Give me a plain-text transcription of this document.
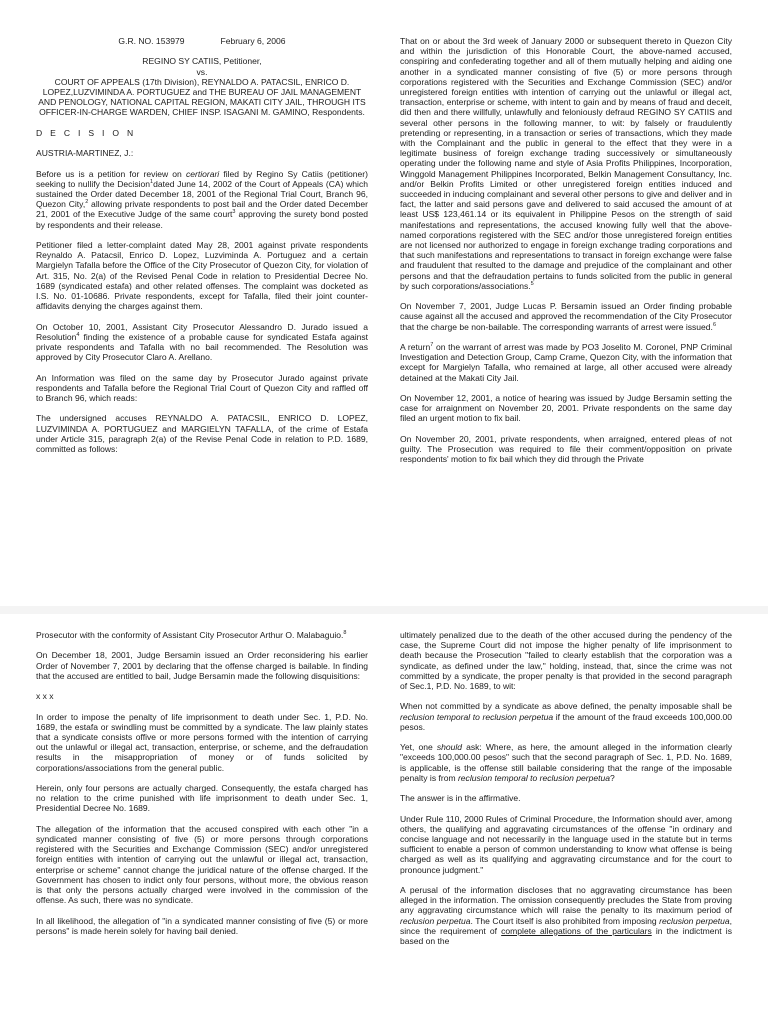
G.R. NO. 153979	February 6, 2006

REGINO SY CATIIS, Petitioner,

vs.

COURT OF APPEALS (17th Division), REYNALDO A. PATACSIL, ENRICO D. LOPEZ,LUZVIMINDA A. PORTUGUEZ and THE BUREAU OF JAIL MANAGEMENT AND PENOLOGY, NATIONAL CAPITAL REGION, MAKATI CITY JAIL, THROUGH ITS OFFICER-IN-CHARGE WARDEN, CHIEF INSP. ISAGANI M. GAMINO, Respondents.

D E C I S I O N

AUSTRIA-MARTINEZ, J.:

Before us is a petition for review on certiorari filed by Regino Sy Catiis (petitioner) seeking to nullify the Decision$^1$dated June 14, 2002 of the Court of Appeals (CA) which sustained the Order dated December 18, 2001 of the Regional Trial Court, Branch 96, Quezon City,$^2$ allowing private respondents to post bail and the Order dated December 21, 2001 of the Executive Judge of the same court$^3$ approving the surety bond posted by respondents and their release.

Petitioner filed a letter-complaint dated May 28, 2001 against private respondents Reynaldo A. Patacsil, Enrico D. Lopez, Luzviminda A. Portuguez and a certain Margielyn Tafalla before the Office of the City Prosecutor of Quezon City, for violation of Art. 315, No. 2(a) of the Revised Penal Code in relation to Presidential Decree No. 1689 (syndicated estafa) and other related offenses. The complaint was docketed as I.S. No. 01-10686. Private respondents, except for Tafalla, filed their joint counter-affidavits denying the charges against them.

On October 10, 2001, Assistant City Prosecutor Alessandro D. Jurado issued a Resolution$^4$ finding the existence of a probable cause for syndicated Estafa against private respondents and Tafalla with no bail recommended. The Resolution was approved by City Prosecutor Claro A. Arellano.

An Information was filed on the same day by Prosecutor Jurado against private respondents and Tafalla before the Regional Trial Court of Quezon City and raffled off to Branch 96, which reads:

The undersigned accuses REYNALDO A. PATACSIL, ENRICO D. LOPEZ, LUZVIMINDA A. PORTUGUEZ and MARGIELYN TAFALLA, of the crime of Estafa under Article 315, paragraph 2(a) of the Revise Penal Code in relation to P.D. 1689, committed as follows:

That on or about the 3rd week of January 2000 or subsequent thereto in Quezon City and within the jurisdiction of this Honorable Court, the above-named accused, conspiring and confederating together and all of them mutually helping and aiding one another in a syndicated manner consisting of five (5) or more persons through corporations registered with the Securities and Exchange Commission (SEC) and/or unregistered foreign entities with intention of carrying out the unlawful or illegal act, transaction, enterprise or scheme, with intent to gain and by means of fraud and deceit, did then and there willfully, unlawfully and feloniously defraud REGINO SY CATIIS and several other persons in the following manner, to wit: by falsely or fraudulently pretending or representing, in a transaction or series of transactions, which they made with the Complainant and the public in general to the effect that they were in a legitimate business of foreign exchange trading successively or simultaneously operating under the following name and style of Asia Profits Philippines, Incorporation, Winggold Management Philippines Incorporated, Belkin Management Consultancy, Inc. and/or Belkin Profits Limited or other unregistered foreign entities induced and succeeded in inducing complainant and several other persons to give and deliver and in fact, the latter and said persons gave and delivered to said accused the amount of at least US$ 123,461.14 or its equivalent in Philippine Pesos on the strength of said manifestations and representations, the accused knowing fully well that the above-named corporations registered with the SEC and/or those unregistered foreign entities are not licensed nor authorized to engage in foreign exchange trading corporations and that such manifestations and representations to transact in foreign exchange were false and fraudulent that resulted to the damage and prejudice of the complainant and other persons and that the defraudation pertains to funds solicited from the public in general by such corporations/associations.$^5$

On November 7, 2001, Judge Lucas P. Bersamin issued an Order finding probable cause against all the accused and approved the recommendation of the City Prosecutor that the charge be non-bailable. The corresponding warrants of arrest were issued.$^6$

A return$^7$ on the warrant of arrest was made by PO3 Joselito M. Coronel, PNP Criminal Investigation and Detection Group, Camp Crame, Quezon City, with the information that except for Margielyn Tafalla, who remained at large, all other accused were already detained at the Makati City Jail.

On November 12, 2001, a notice of hearing was issued by Judge Bersamin setting the case for arraignment on November 20, 2001. Private respondents on the same day filed an urgent motion to fix bail.

On November 20, 2001, private respondents, when arraigned, entered pleas of not guilty. The Prosecution was required to file their comment/opposition on private respondents' motion to fix bail which they did through the Private

Prosecutor with the conformity of Assistant City Prosecutor Arthur O. Malabaguio.$^8$

On December 18, 2001, Judge Bersamin issued an Order reconsidering his earlier Order of November 7, 2001 by declaring that the offense charged is bailable. In finding that the accused are entitled to bail, Judge Bersamin made the following disquisitions:

x x x

In order to impose the penalty of life imprisonment to death under Sec. 1, P.D. No. 1689, the estafa or swindling must be committed by a syndicate. The law plainly states that a syndicate consists offive or more persons formed with the intention of carrying out the unlawful or illegal act, transaction, enterprise, or scheme, and the defraudation results in the misappropriation of money or of funds solicited by corporations/associations from the general public.

Herein, only four persons are actually charged. Consequently, the estafa charged has no relation to the crime punished with life imprisonment to death under Sec. 1, Presidential Decree No. 1689.

The allegation of the information that the accused conspired with each other "in a syndicated manner consisting of five (5) or more persons through corporations registered with the Securities and Exchange Commission (SEC) and/or unregistered foreign entities with intention of carrying out the unlawful or illegal act, transaction, enterprise or scheme" cannot change the juridical nature of the offense charged. If the Government has chosen to indict only four persons, without more, the obvious reason is that only the persons actually charged were involved in the commission of the offense. As such, there was no syndicate.

In all likelihood, the allegation of "in a syndicated manner consisting of five (5) or more persons" is made herein solely for having bail denied.

ultimately penalized due to the death of the other accused during the pendency of the case, the Supreme Court did not impose the higher penalty of life imprisonment to death because the Prosecution "failed to clearly establish that the corporation was a syndicate, as defined under the law," holding, instead, that, since the crime was not committed by a syndicate, the proper penalty is that provided in the second paragraph of Sec.1, P.D. No. 1689, to wit:

When not committed by a syndicate as above defined, the penalty imposable shall be reclusion temporal to reclusion perpetua if the amount of the fraud exceeds 100,000.00 pesos.

Yet, one should ask: Where, as here, the amount alleged in the information clearly "exceeds 100,000.00 pesos" such that the second paragraph of Sec. 1, P.D. No. 1689, is applicable, is the offense still bailable considering that the range of the imposable penalty is from reclusion temporal to reclusion perpetua?

The answer is in the affirmative.

Under Rule 110, 2000 Rules of Criminal Procedure, the Information should aver, among others, the qualifying and aggravating circumstances of the offense "in ordinary and concise language and not necessarily in the language used in the statute but in terms sufficient to enable a person of common understanding to know what offense is being charged as well as its qualifying and aggravating circumstance and for the court to pronounce judgment."

A perusal of the information discloses that no aggravating circumstance has been alleged in the information. The omission consequently precludes the State from proving any aggravating circumstance which will raise the penalty to its maximum period of reclusion perpetua. The Court itself is also prohibited from imposing reclusion perpetua, since the requirement of complete allegations of the particulars in the indictment is based on the
